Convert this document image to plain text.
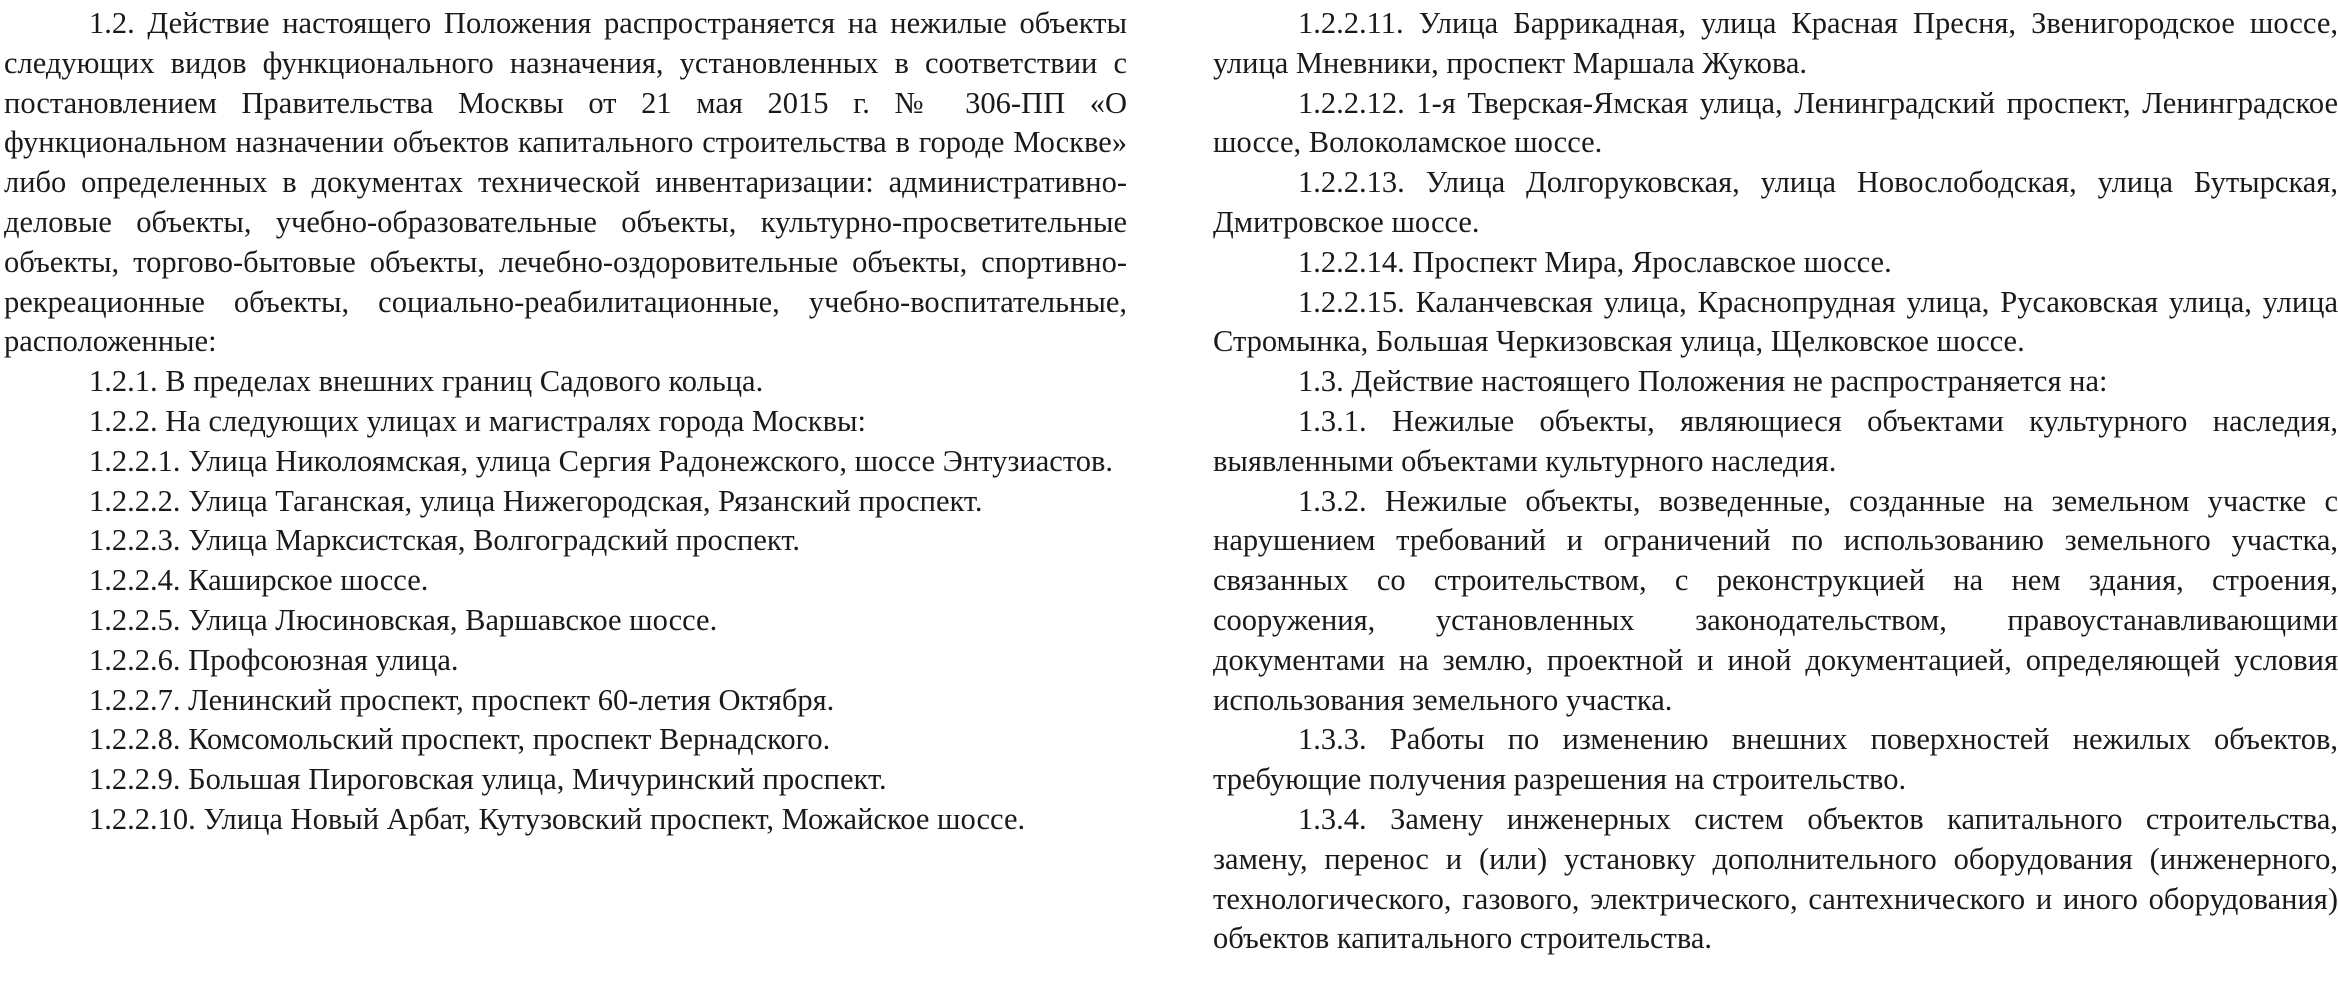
1.2. Действие настоящего Положения распространяется на нежилые объекты следующих видов функционального назначения, установленных в соответствии с постановлением Правительства Москвы от 21 мая 2015 г. № 306-ПП «О функциональном назначении объектов капитального строительства в городе Москве» либо определенных в документах технической инвентаризации: административно-деловые объекты, учебно-образовательные объекты, культурно-просветительные объекты, торгово-бытовые объекты, лечебно-оздоровительные объекты, спортивно-рекреационные объекты, социально-реабилитационные, учебно-воспитательные, расположенные:

1.2.1. В пределах внешних границ Садового кольца.

1.2.2. На следующих улицах и магистралях города Москвы:

1.2.2.1. Улица Николоямская, улица Сергия Радонежского, шоссе Энтузиастов.

1.2.2.2. Улица Таганская, улица Нижегородская, Рязанский проспект.

1.2.2.3. Улица Марксистская, Волгоградский проспект.

1.2.2.4. Каширское шоссе.

1.2.2.5. Улица Люсиновская, Варшавское шоссе.

1.2.2.6. Профсоюзная улица.

1.2.2.7. Ленинский проспект, проспект 60-летия Октября.

1.2.2.8. Комсомольский проспект, проспект Вернадского.

1.2.2.9. Большая Пироговская улица, Мичуринский проспект.

1.2.2.10. Улица Новый Арбат, Кутузовский проспект, Можайское шоссе.

1.2.2.11. Улица Баррикадная, улица Красная Пресня, Звенигородское шоссе, улица Мневники, проспект Маршала Жукова.

1.2.2.12. 1-я Тверская-Ямская улица, Ленинградский проспект, Ленинградское шоссе, Волоколамское шоссе.

1.2.2.13. Улица Долгоруковская, улица Новослободская, улица Бутырская, Дмитровское шоссе.

1.2.2.14. Проспект Мира, Ярославское шоссе.

1.2.2.15. Каланчевская улица, Краснопрудная улица, Русаковская улица, улица Стромынка, Большая Черкизовская улица, Щелковское шоссе.

1.3. Действие настоящего Положения не распространяется на:

1.3.1. Нежилые объекты, являющиеся объектами культурного наследия, выявленными объектами культурного наследия.

1.3.2. Нежилые объекты, возведенные, созданные на земельном участке с нарушением требований и ограничений по использованию земельного участка, связанных со строительством, с реконструкцией на нем здания, строения, сооружения, установленных законодательством, правоустанавливающими документами на землю, проектной и иной документацией, определяющей условия использования земельного участка.

1.3.3. Работы по изменению внешних поверхностей нежилых объектов, требующие получения разрешения на строительство.

1.3.4. Замену инженерных систем объектов капитального строительства, замену, перенос и (или) установку дополнительного оборудования (инженерного, технологического, газового, электрического, сантехнического и иного оборудования) объектов капитального строительства.
